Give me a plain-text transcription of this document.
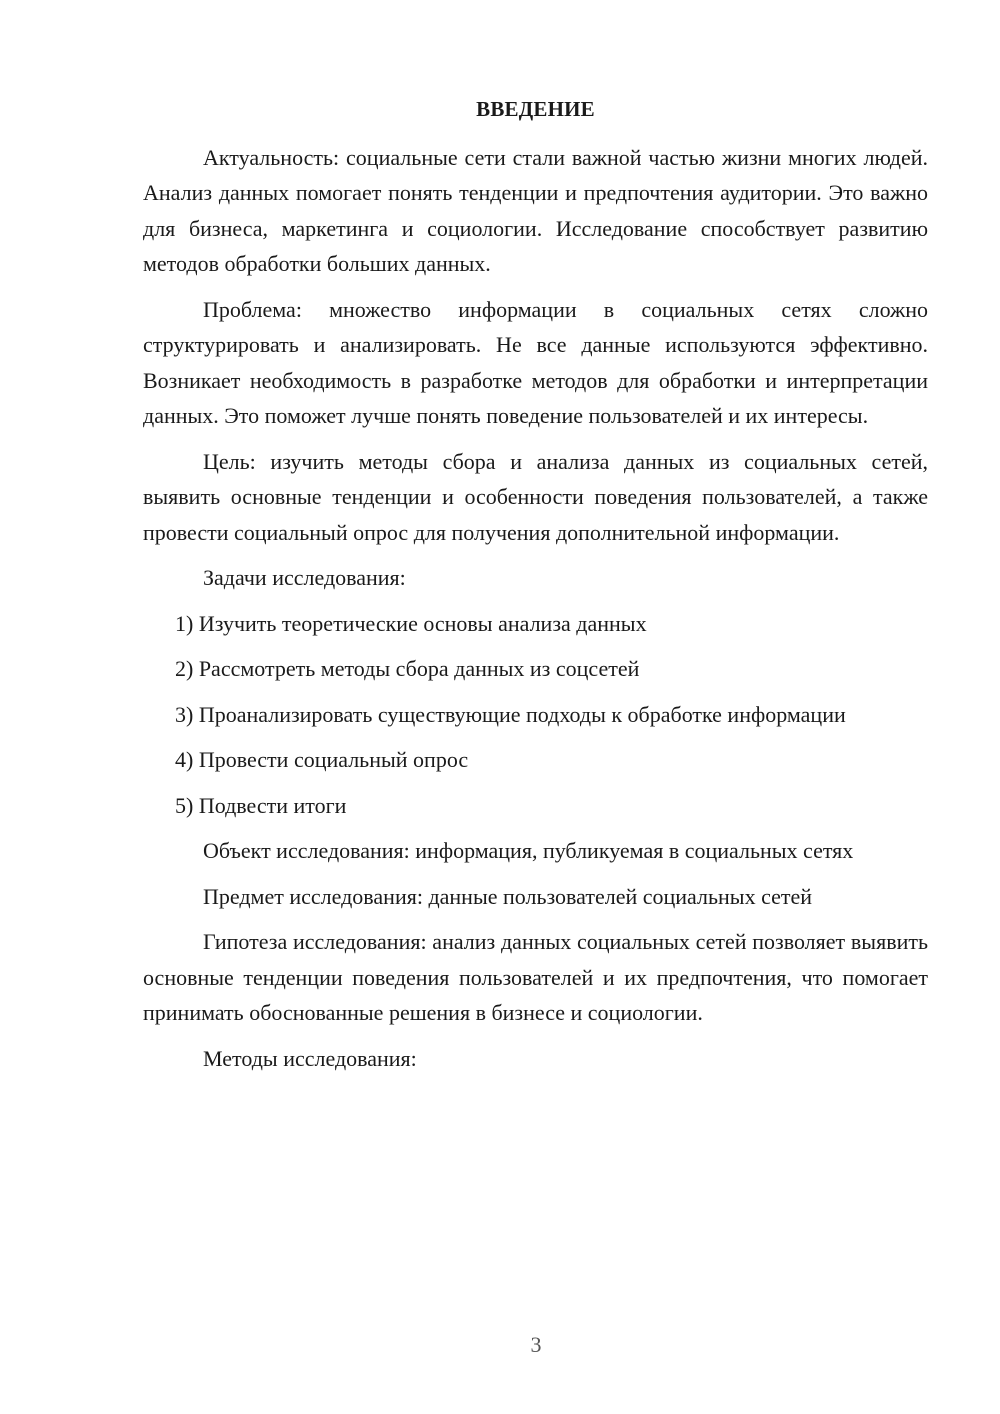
ВВЕДЕНИЕ

Актуальность: социальные сети стали важной частью жизни многих людей. Анализ данных помогает понять тенденции и предпочтения аудитории. Это важно для бизнеса, маркетинга и социологии. Исследование способствует развитию методов обработки больших данных.

Проблема: множество информации в социальных сетях сложно структурировать и анализировать. Не все данные используются эффективно. Возникает необходимость в разработке методов для обработки и интерпретации данных. Это поможет лучше понять поведение пользователей и их интересы.

Цель: изучить методы сбора и анализа данных из социальных сетей, выявить основные тенденции и особенности поведения пользователей, а также провести социальный опрос для получения дополнительной информации.

Задачи исследования:

1) Изучить теоретические основы анализа данных

2) Рассмотреть методы сбора данных из соцсетей

3) Проанализировать существующие подходы к обработке информации

4) Провести социальный опрос

5) Подвести итоги

Объект исследования: информация, публикуемая в социальных сетях

Предмет исследования: данные пользователей социальных сетей

Гипотеза исследования: анализ данных социальных сетей позволяет выявить основные тенденции поведения пользователей и их предпочтения, что помогает принимать обоснованные решения в бизнесе и социологии.

Методы исследования:

3
